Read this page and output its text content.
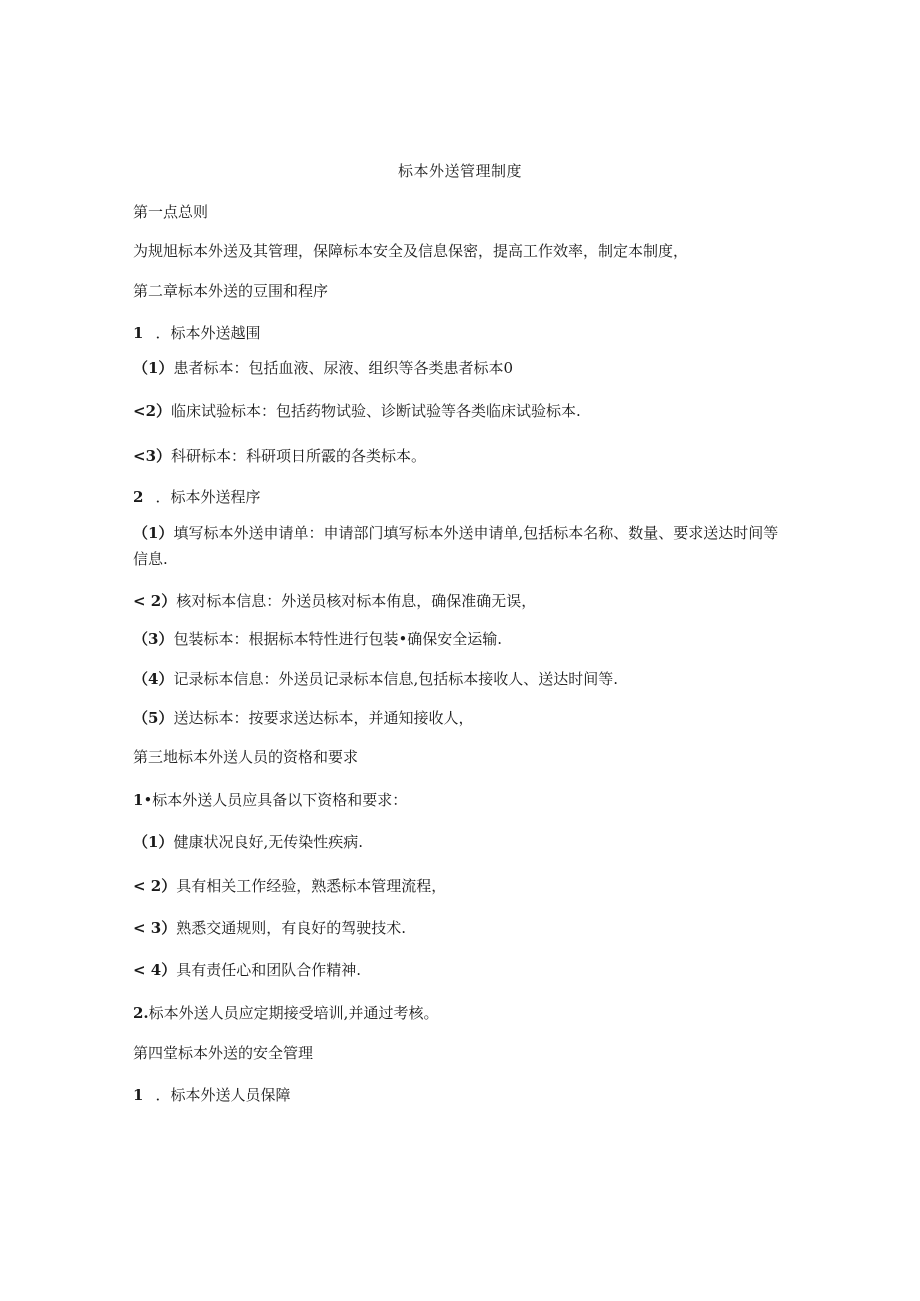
标本外送管理制度
第一点总则
为规旭标本外送及其管理，保障标本安全及信息保密，提高工作效率，制定本制度，
第二章标本外送的豆围和程序
1 ．标本外送越围
（1）患者标本：包括血液、尿液、组织等各类患者标本0
<2）临床试验标本：包括药物试验、诊断试验等各类临床试验标本.
<3）科研标本：科研项日所霰的各类标本。
2 ．标本外送程序
（1）填写标本外送申请单：申请部门填写标本外送申请单,包括标本名称、数量、要求送达时间等信息.
< 2）核对标本信息：外送员核对标本侑息，确保准确无误，
（3）包装标本：根据标本特性进行包装•确保安全运输.
（4）记录标本信息：外送员记录标本信息,包括标本接收人、送达时间等.
（5）送达标本：按要求送达标本，并通知接收人，
第三地标本外送人员的资格和要求
1•标本外送人员应具备以下资格和要求：
（1）健康状况良好,无传染性疾病.
< 2）具有相关工作经验，熟悉标本管理流程，
< 3）熟悉交通规则，有良好的驾驶技术.
< 4）具有责任心和团队合作精神.
2.标本外送人员应定期接受培训,并通过考核。
第四堂标本外送的安全管理
1 ．标本外送人员保障
